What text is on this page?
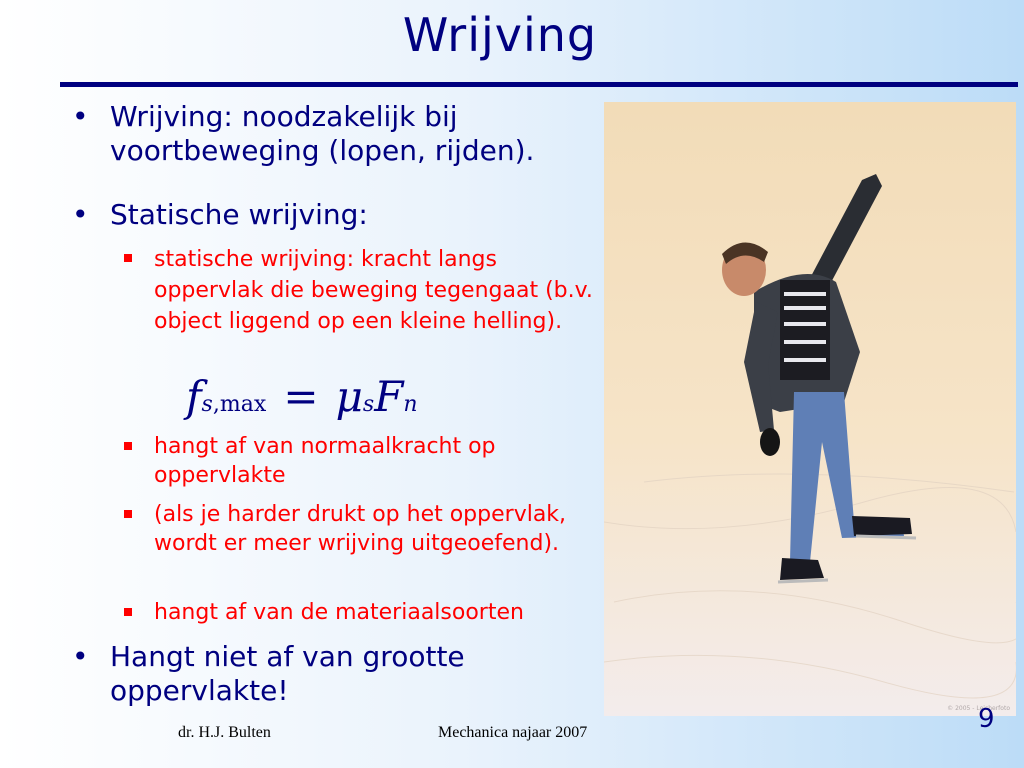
Wrijving
• Wrijving: noodzakelijk bij voortbeweging (lopen, rijden).
• Statische wrijving:
statische wrijving: kracht langs oppervlak die beweging tegengaat (b.v. object liggend op een kleine helling).
fs,max = μsFn
hangt af van normaalkracht op oppervlakte
(als je harder drukt op het oppervlak, wordt er meer wrijving uitgeoefend).
hangt af van de materiaalsoorten
• Hangt niet af van grootte oppervlakte!
© 2005 - Leicherfoto
dr. H.J. Bulten	Mechanica najaar 2007	9
